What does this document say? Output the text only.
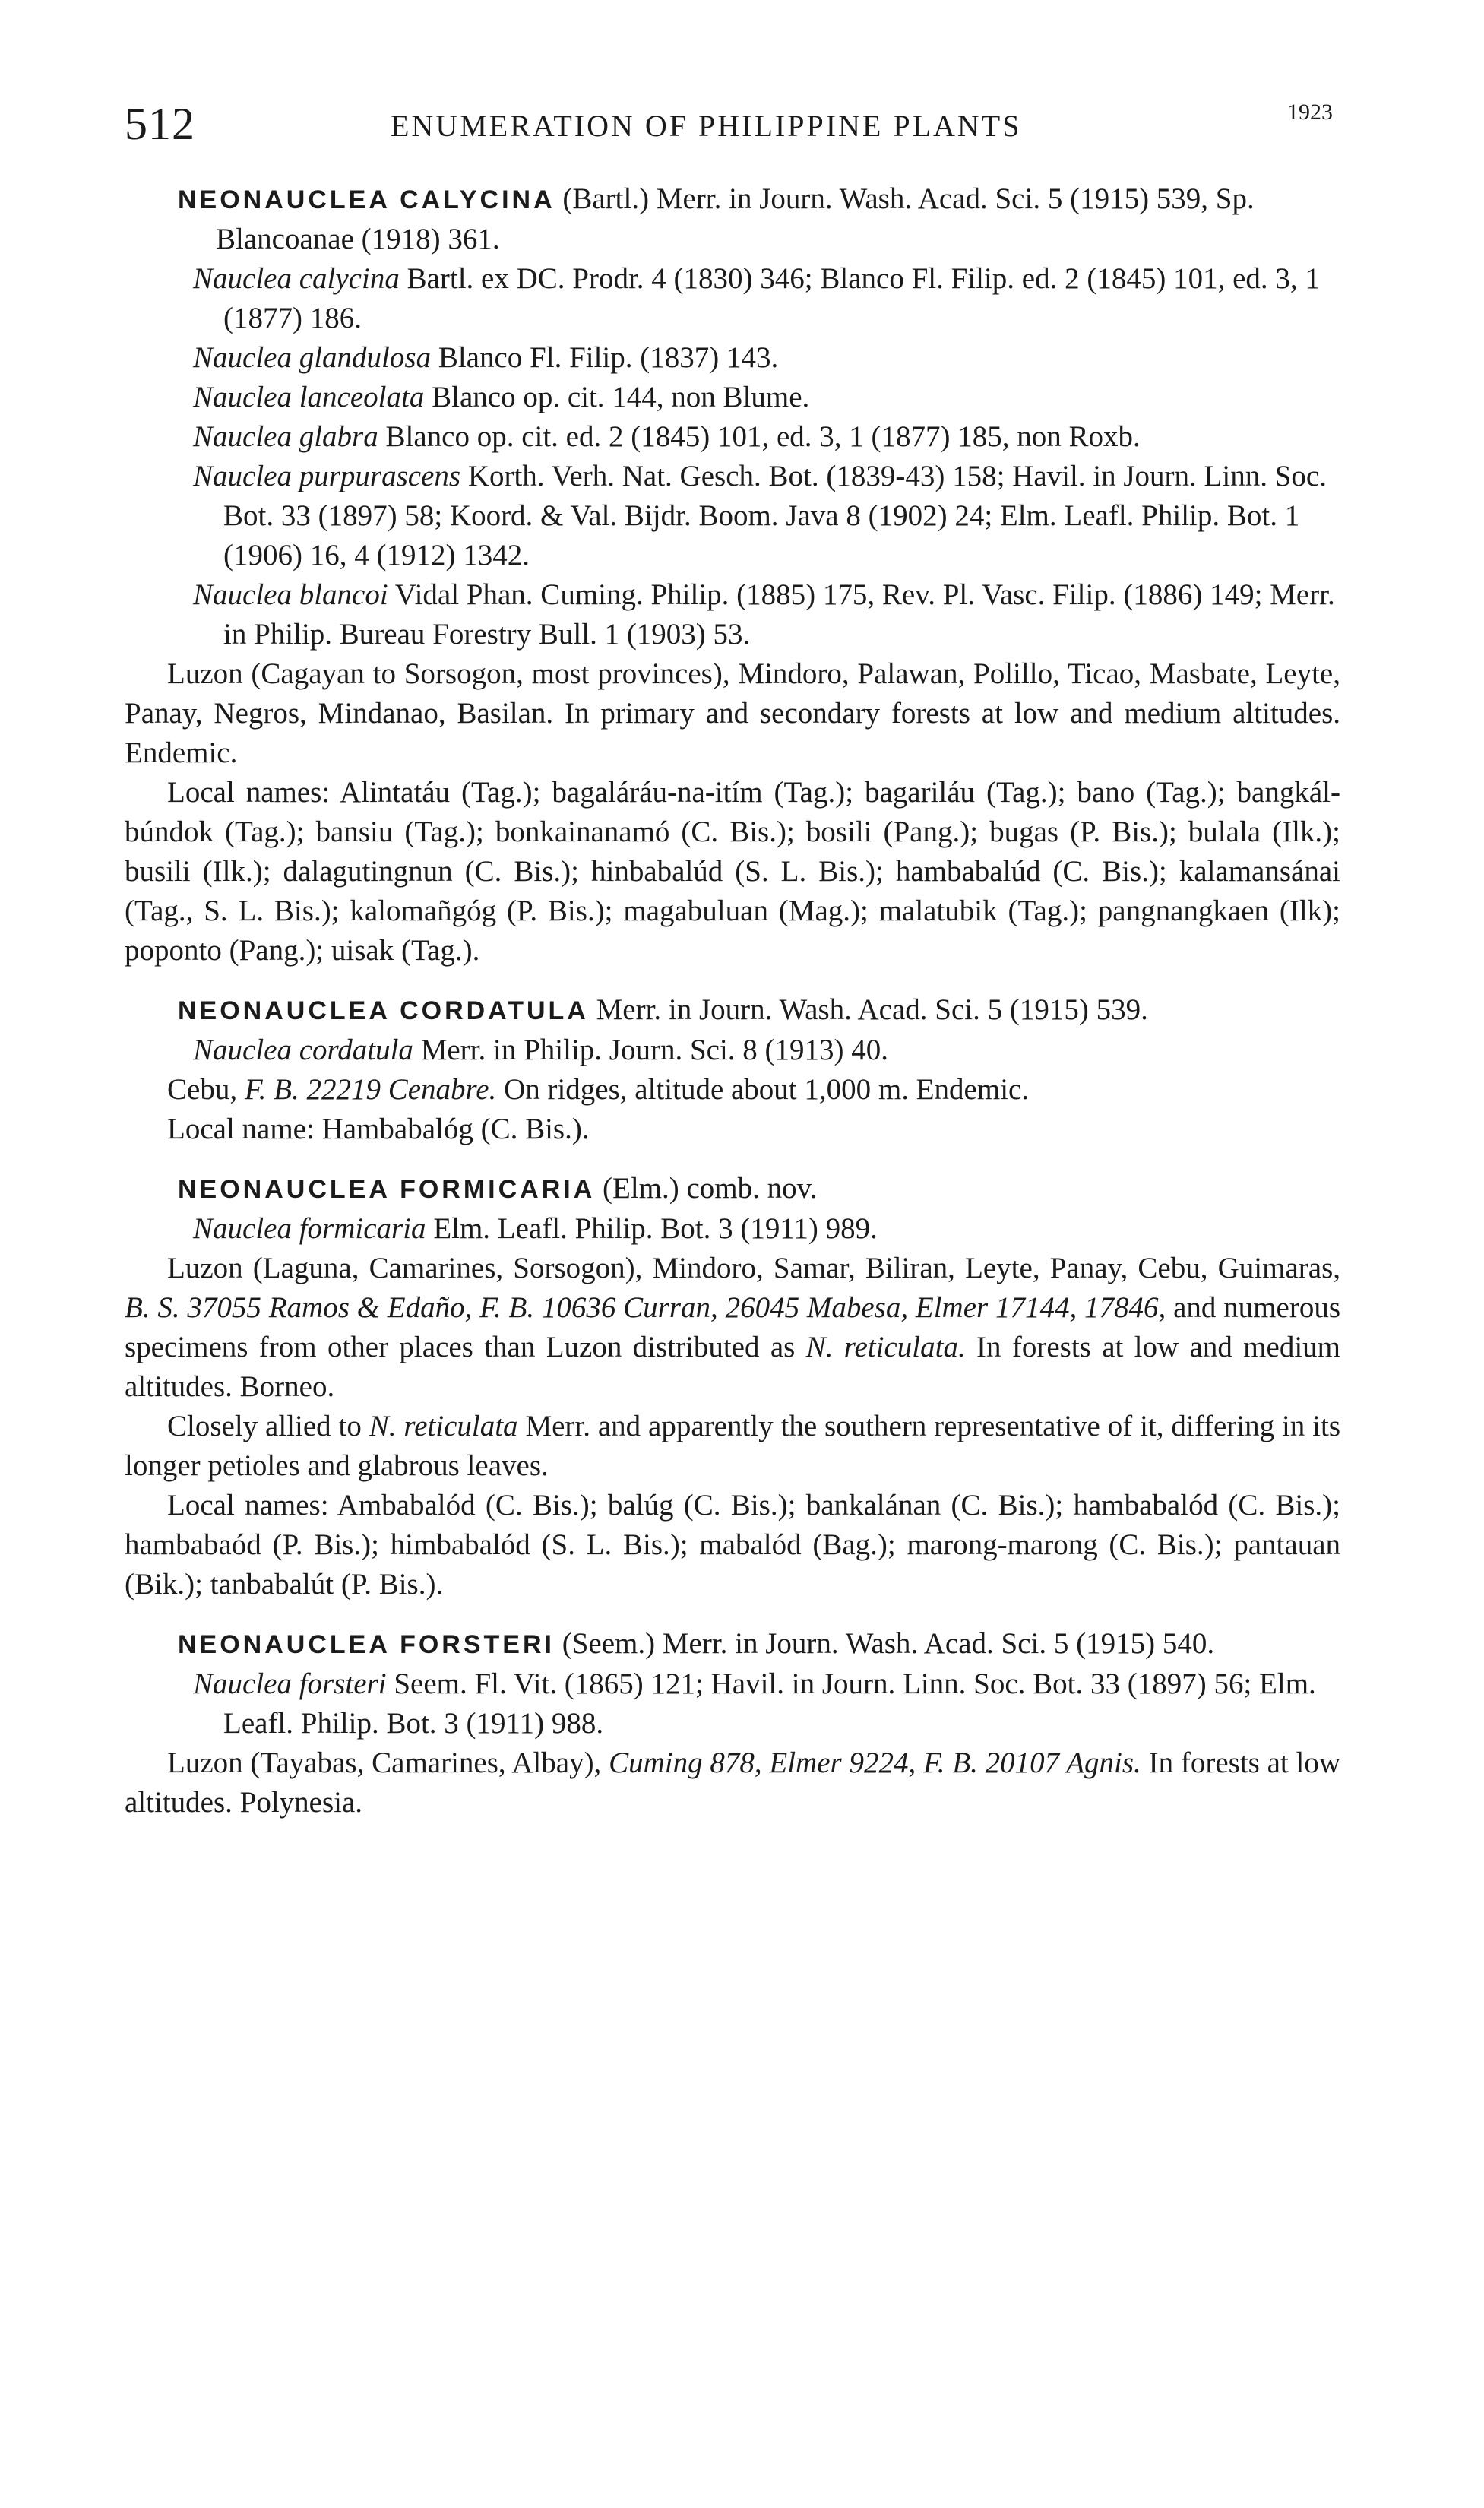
512	ENUMERATION OF PHILIPPINE PLANTS	1923

NEONAUCLEA CALYCINA (Bartl.) Merr. in Journ. Wash. Acad. Sci. 5 (1915) 539, Sp. Blancoanae (1918) 361.

Nauclea calycina Bartl. ex DC. Prodr. 4 (1830) 346; Blanco Fl. Filip. ed. 2 (1845) 101, ed. 3, 1 (1877) 186.

Nauclea glandulosa Blanco Fl. Filip. (1837) 143.

Nauclea lanceolata Blanco op. cit. 144, non Blume.

Nauclea glabra Blanco op. cit. ed. 2 (1845) 101, ed. 3, 1 (1877) 185, non Roxb.

Nauclea purpurascens Korth. Verh. Nat. Gesch. Bot. (1839-43) 158; Havil. in Journ. Linn. Soc. Bot. 33 (1897) 58; Koord. & Val. Bijdr. Boom. Java 8 (1902) 24; Elm. Leafl. Philip. Bot. 1 (1906) 16, 4 (1912) 1342.

Nauclea blancoi Vidal Phan. Cuming. Philip. (1885) 175, Rev. Pl. Vasc. Filip. (1886) 149; Merr. in Philip. Bureau Forestry Bull. 1 (1903) 53.

Luzon (Cagayan to Sorsogon, most provinces), Mindoro, Palawan, Polillo, Ticao, Masbate, Leyte, Panay, Negros, Mindanao, Basilan. In primary and secondary forests at low and medium altitudes. Endemic.

Local names: Alintatáu (Tag.); bagaláráu-na-itím (Tag.); bagariláu (Tag.); bano (Tag.); bangkál-búndok (Tag.); bansiu (Tag.); bonkainanamó (C. Bis.); bosili (Pang.); bugas (P. Bis.); bulala (Ilk.); busili (Ilk.); dalagutingnun (C. Bis.); hinbabalúd (S. L. Bis.); hambabalúd (C. Bis.); kalamansánai (Tag., S. L. Bis.); kalomañgóg (P. Bis.); magabuluan (Mag.); malatubik (Tag.); pangnangkaen (Ilk); poponto (Pang.); uisak (Tag.).

NEONAUCLEA CORDATULA Merr. in Journ. Wash. Acad. Sci. 5 (1915) 539.

Nauclea cordatula Merr. in Philip. Journ. Sci. 8 (1913) 40.

Cebu, F. B. 22219 Cenabre. On ridges, altitude about 1,000 m. Endemic.

Local name: Hambabalóg (C. Bis.).

NEONAUCLEA FORMICARIA (Elm.) comb. nov.

Nauclea formicaria Elm. Leafl. Philip. Bot. 3 (1911) 989.

Luzon (Laguna, Camarines, Sorsogon), Mindoro, Samar, Biliran, Leyte, Panay, Cebu, Guimaras, B. S. 37055 Ramos & Edaño, F. B. 10636 Curran, 26045 Mabesa, Elmer 17144, 17846, and numerous specimens from other places than Luzon distributed as N. reticulata. In forests at low and medium altitudes. Borneo.

Closely allied to N. reticulata Merr. and apparently the southern representative of it, differing in its longer petioles and glabrous leaves.

Local names: Ambabalód (C. Bis.); balúg (C. Bis.); bankalánan (C. Bis.); hambabalód (C. Bis.); hambabaód (P. Bis.); himbabalód (S. L. Bis.); mabalód (Bag.); marong-marong (C. Bis.); pantauan (Bik.); tanbabalút (P. Bis.).

NEONAUCLEA FORSTERI (Seem.) Merr. in Journ. Wash. Acad. Sci. 5 (1915) 540.

Nauclea forsteri Seem. Fl. Vit. (1865) 121; Havil. in Journ. Linn. Soc. Bot. 33 (1897) 56; Elm. Leafl. Philip. Bot. 3 (1911) 988.

Luzon (Tayabas, Camarines, Albay), Cuming 878, Elmer 9224, F. B. 20107 Agnis. In forests at low altitudes. Polynesia.
